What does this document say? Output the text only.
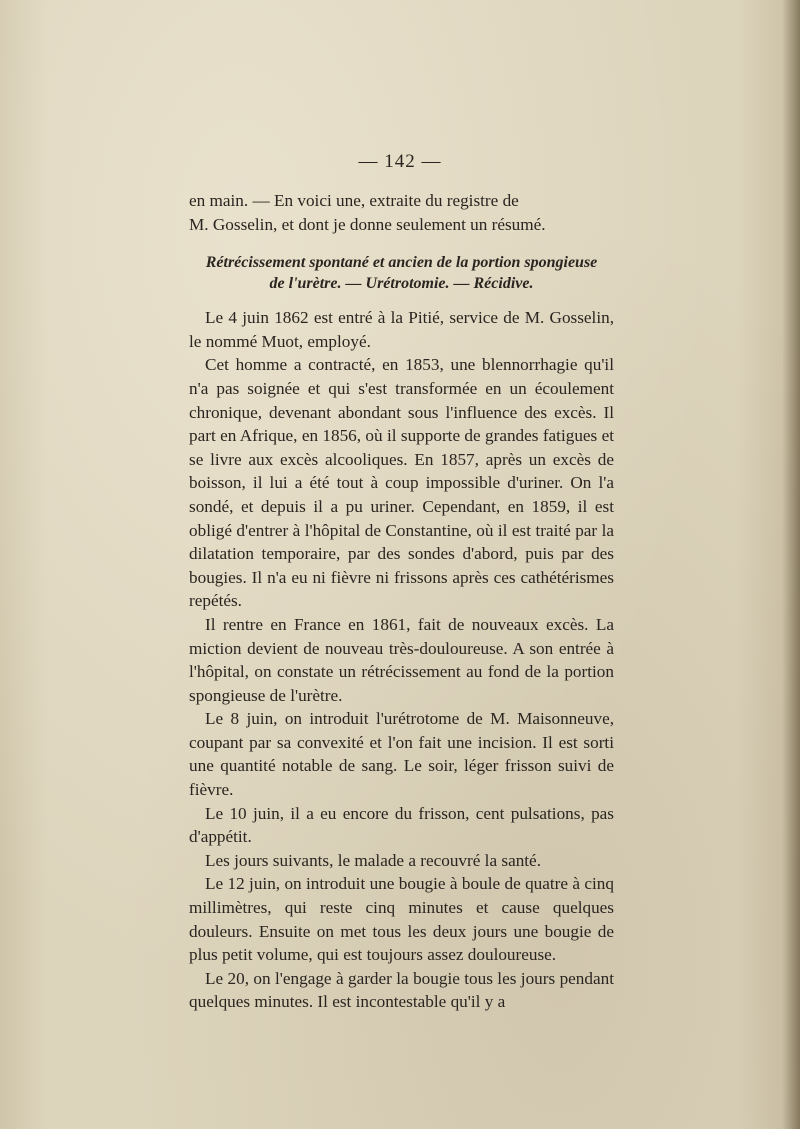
— 142 —

en main. — En voici une, extraite du registre de

M. Gosselin, et dont je donne seulement un résumé.

Rétrécissement spontané et ancien de la portion spongieuse
de l'urètre. — Urétrotomie. — Récidive.

Le 4 juin 1862 est entré à la Pitié, service de M. Gosselin, le nommé Muot, employé.

Cet homme a contracté, en 1853, une blennorrhagie qu'il n'a pas soignée et qui s'est transformée en un écoulement chronique, devenant abondant sous l'influence des excès. Il part en Afrique, en 1856, où il supporte de grandes fatigues et se livre aux excès alcooliques. En 1857, après un excès de boisson, il lui a été tout à coup impossible d'uriner. On l'a sondé, et depuis il a pu uriner. Cependant, en 1859, il est obligé d'entrer à l'hôpital de Constantine, où il est traité par la dilatation temporaire, par des sondes d'abord, puis par des bougies. Il n'a eu ni fièvre ni frissons après ces cathétérismes repétés.

Il rentre en France en 1861, fait de nouveaux excès. La miction devient de nouveau très-douloureuse. A son entrée à l'hôpital, on constate un rétrécissement au fond de la portion spongieuse de l'urètre.

Le 8 juin, on introduit l'urétrotome de M. Maisonneuve, coupant par sa convexité et l'on fait une incision. Il est sorti une quantité notable de sang. Le soir, léger frisson suivi de fièvre.

Le 10 juin, il a eu encore du frisson, cent pulsations, pas d'appétit.

Les jours suivants, le malade a recouvré la santé.

Le 12 juin, on introduit une bougie à boule de quatre à cinq millimètres, qui reste cinq minutes et cause quelques douleurs. Ensuite on met tous les deux jours une bougie de plus petit volume, qui est toujours assez douloureuse.

Le 20, on l'engage à garder la bougie tous les jours pendant quelques minutes. Il est incontestable qu'il y a
